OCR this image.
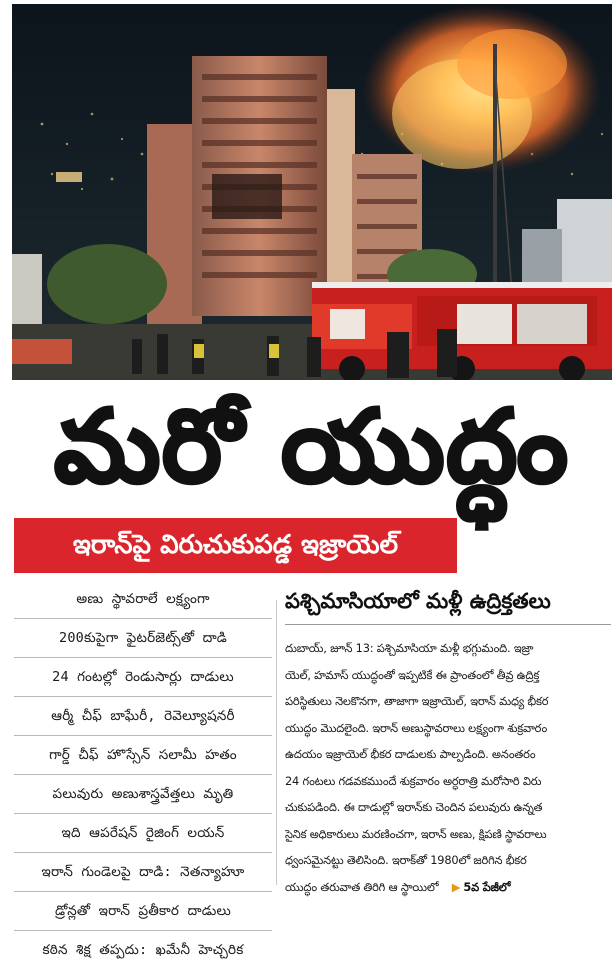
మరో యుద్ధం
ఇరాన్‌పై విరుచుకుపడ్డ ఇజ్రాయెల్
అణు స్థావరాలే లక్ష్యంగా
200కుపైగా ఫైటర్‌జెట్స్‌తో దాడి
24 గంటల్లో రెండుసార్లు దాడులు
ఆర్మీ చీఫ్ బాఘేరీ, రెవెల్యూషనరీ
గార్డ్ చీఫ్ హొస్సేన్ సలామీ హతం
పలువురు అణుశాస్త్రవేత్తలు మృతి
ఇది ఆపరేషన్ రైజింగ్ లయన్
ఇరాన్ గుండెలపై దాడి: నెతన్యాహూ
డ్రోన్లతో ఇరాన్ ప్రతీకార దాడులు
కఠిన శిక్ష తప్పదు: ఖమేనీ హెచ్చరిక
పశ్చిమాసియాలో మళ్లీ ఉద్రిక్తతలు
దుబాయ్, జూన్ 13: పశ్చిమాసియా మళ్లీ భగ్గుమంది. ఇజ్రా
యెల్, హమాస్ యుద్ధంతో ఇప్పటికే ఈ ప్రాంతంలో తీవ్ర ఉద్రిక్త
పరిస్థితులు నెలకొనగా, తాజాగా ఇజ్రాయెల్, ఇరాన్ మధ్య భీకర
యుద్ధం మొదలైంది. ఇరాన్ అణుస్థావరాలు లక్ష్యంగా శుక్రవారం
ఉదయం ఇజ్రాయెల్ భీకర దాడులకు పాల్పడింది. అనంతరం
24 గంటలు గడవకముందే శుక్రవారం అర్ధరాత్రి మరోసారి విరు
చుకుపడింది. ఈ దాడుల్లో ఇరాన్‌కు చెందిన పలువురు ఉన్నత
సైనిక అధికారులు మరణించగా, ఇరాన్ అణు, క్షిపణి స్థావరాలు
ధ్వంసమైనట్టు తెలిసింది. ఇరాక్‌తో 1980లో జరిగిన భీకర
యుద్ధం తరువాత తిరిగి ఆ స్థాయిలో ▶ 5వ పేజీలో
